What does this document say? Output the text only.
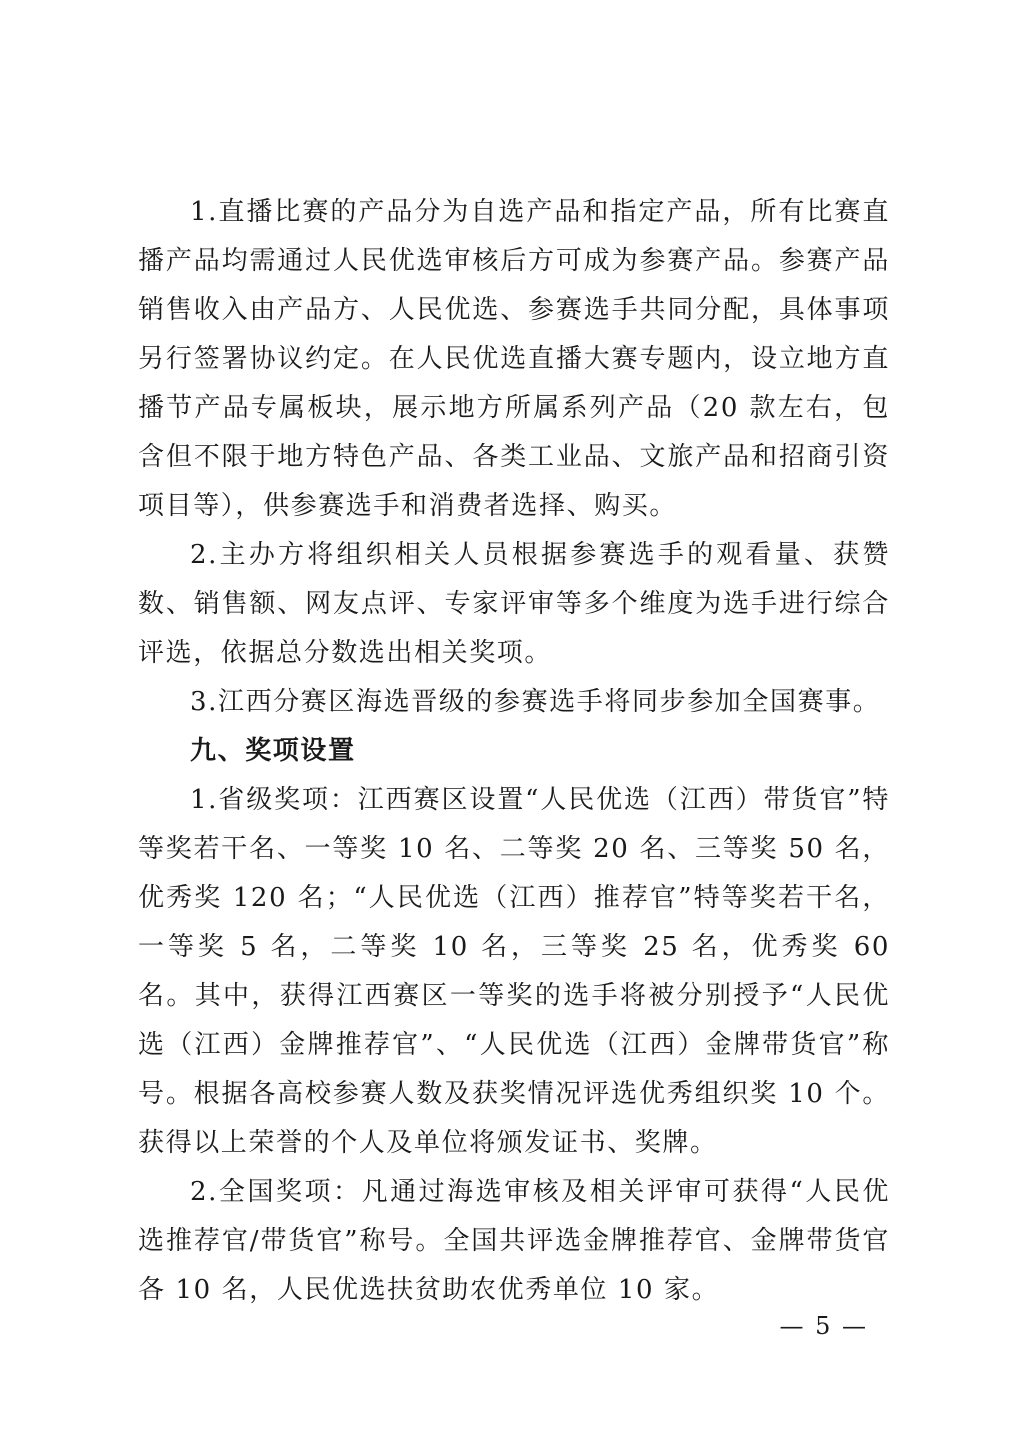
1.直播比赛的产品分为自选产品和指定产品，所有比赛直播产品均需通过人民优选审核后方可成为参赛产品。参赛产品销售收入由产品方、人民优选、参赛选手共同分配，具体事项另行签署协议约定。在人民优选直播大赛专题内，设立地方直播节产品专属板块，展示地方所属系列产品（20 款左右，包含但不限于地方特色产品、各类工业品、文旅产品和招商引资项目等），供参赛选手和消费者选择、购买。

2.主办方将组织相关人员根据参赛选手的观看量、获赞数、销售额、网友点评、专家评审等多个维度为选手进行综合评选，依据总分数选出相关奖项。

3.江西分赛区海选晋级的参赛选手将同步参加全国赛事。

九、奖项设置

1.省级奖项：江西赛区设置“人民优选（江西）带货官”特等奖若干名、一等奖 10 名、二等奖 20 名、三等奖 50 名，优秀奖 120 名；“人民优选（江西）推荐官”特等奖若干名，一等奖 5 名，二等奖 10 名，三等奖 25 名，优秀奖 60 名。其中，获得江西赛区一等奖的选手将被分别授予“人民优选（江西）金牌推荐官”、“人民优选（江西）金牌带货官”称号。根据各高校参赛人数及获奖情况评选优秀组织奖 10 个。获得以上荣誉的个人及单位将颁发证书、奖牌。

2.全国奖项：凡通过海选审核及相关评审可获得“人民优选推荐官/带货官”称号。全国共评选金牌推荐官、金牌带货官各 10 名，人民优选扶贫助农优秀单位 10 家。

— 5 —
